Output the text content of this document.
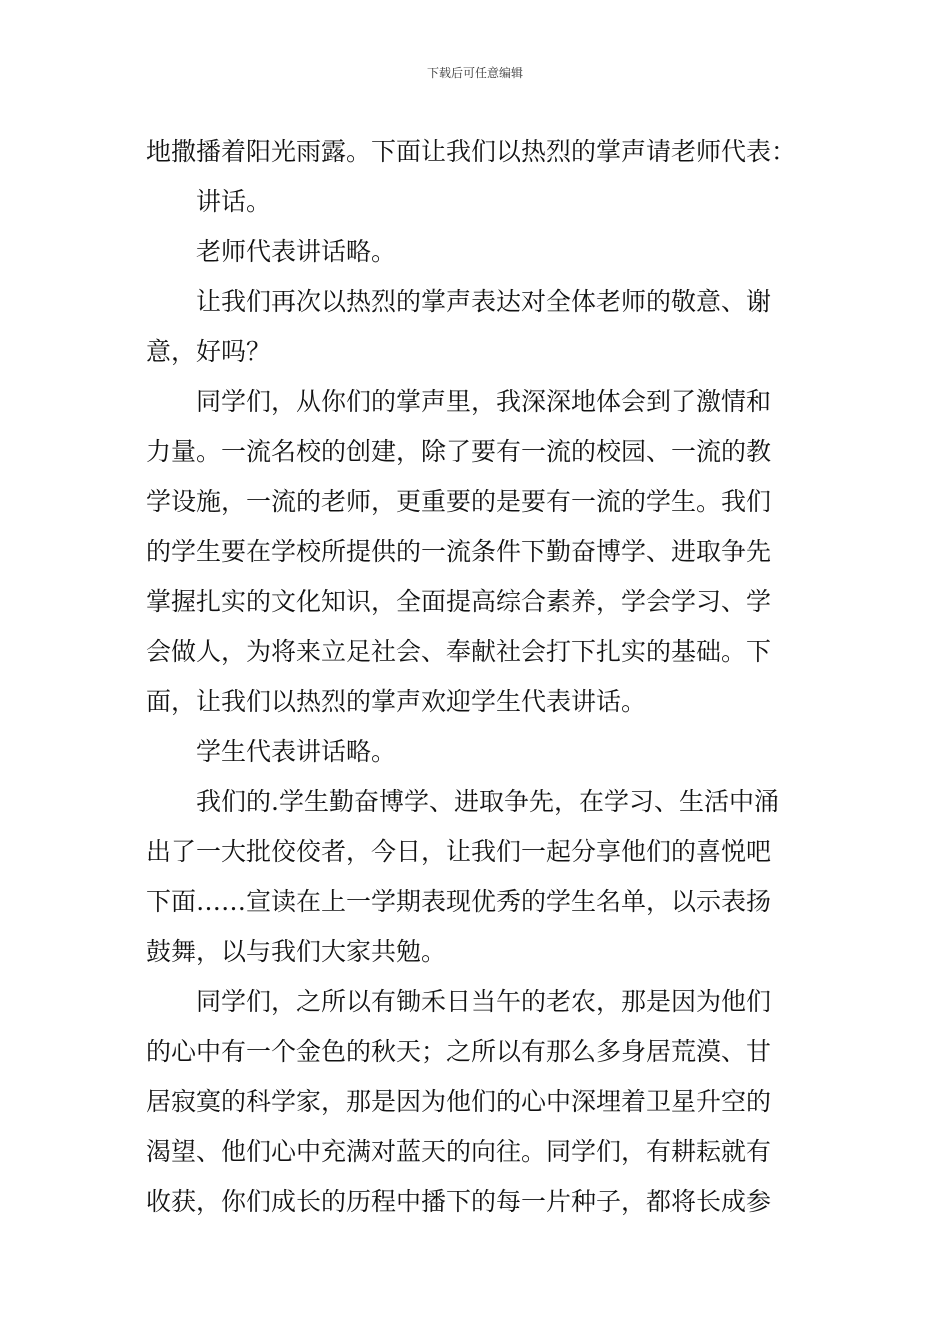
下载后可任意编辑
地撒播着阳光雨露。下面让我们以热烈的掌声请老师代表：
讲话。
老师代表讲话略。
让我们再次以热烈的掌声表达对全体老师的敬意、谢
意，好吗？
同学们，从你们的掌声里，我深深地体会到了激情和
力量。一流名校的创建，除了要有一流的校园、一流的教
学设施，一流的老师，更重要的是要有一流的学生。我们
的学生要在学校所提供的一流条件下勤奋博学、进取争先
掌握扎实的文化知识，全面提高综合素养，学会学习、学
会做人，为将来立足社会、奉献社会打下扎实的基础。下
面，让我们以热烈的掌声欢迎学生代表讲话。
学生代表讲话略。
我们的.学生勤奋博学、进取争先，在学习、生活中涌
出了一大批佼佼者，今日，让我们一起分享他们的喜悦吧
下面……宣读在上一学期表现优秀的学生名单，以示表扬
鼓舞，以与我们大家共勉。
同学们，之所以有锄禾日当午的老农，那是因为他们
的心中有一个金色的秋天；之所以有那么多身居荒漠、甘
居寂寞的科学家，那是因为他们的心中深埋着卫星升空的
渴望、他们心中充满对蓝天的向往。同学们，有耕耘就有
收获，你们成长的历程中播下的每一片种子，都将长成参
